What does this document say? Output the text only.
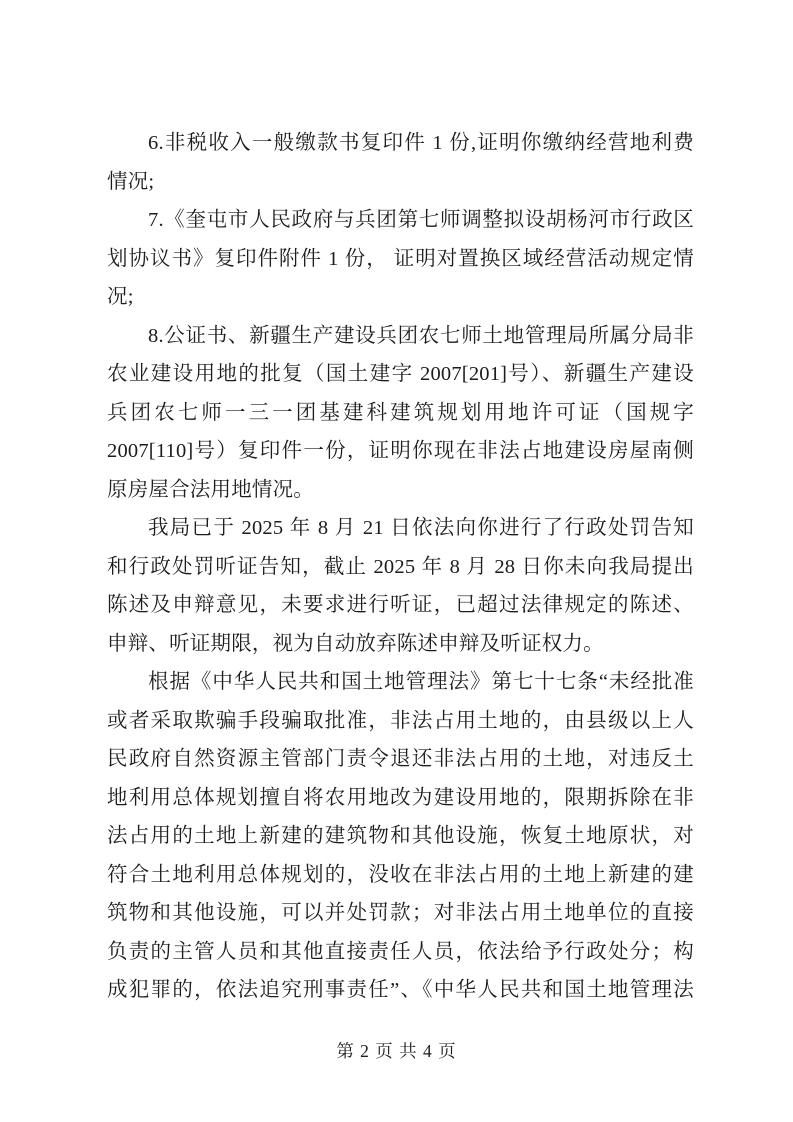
6.非税收入一般缴款书复印件 1 份,证明你缴纳经营地利费
情况;
7.《奎屯市人民政府与兵团第七师调整拟设胡杨河市行政区
划协议书》复印件附件 1 份， 证明对置换区域经营活动规定情
况;
8.公证书、新疆生产建设兵团农七师土地管理局所属分局非
农业建设用地的批复（国土建字 2007[201]号）、新疆生产建设
兵团农七师一三一团基建科建筑规划用地许可证（国规字
2007[110]号）复印件一份，证明你现在非法占地建设房屋南侧
原房屋合法用地情况。
我局已于 2025 年 8 月 21 日依法向你进行了行政处罚告知
和行政处罚听证告知，截止 2025 年 8 月 28 日你未向我局提出
陈述及申辩意见，未要求进行听证，已超过法律规定的陈述、
申辩、听证期限，视为自动放弃陈述申辩及听证权力。
根据《中华人民共和国土地管理法》第七十七条“未经批准
或者采取欺骗手段骗取批准，非法占用土地的，由县级以上人
民政府自然资源主管部门责令退还非法占用的土地，对违反土
地利用总体规划擅自将农用地改为建设用地的，限期拆除在非
法占用的土地上新建的建筑物和其他设施，恢复土地原状，对
符合土地利用总体规划的，没收在非法占用的土地上新建的建
筑物和其他设施，可以并处罚款；对非法占用土地单位的直接
负责的主管人员和其他直接责任人员，依法给予行政处分；构
成犯罪的，依法追究刑事责任”、《中华人民共和国土地管理法
第 2 页 共 4 页
